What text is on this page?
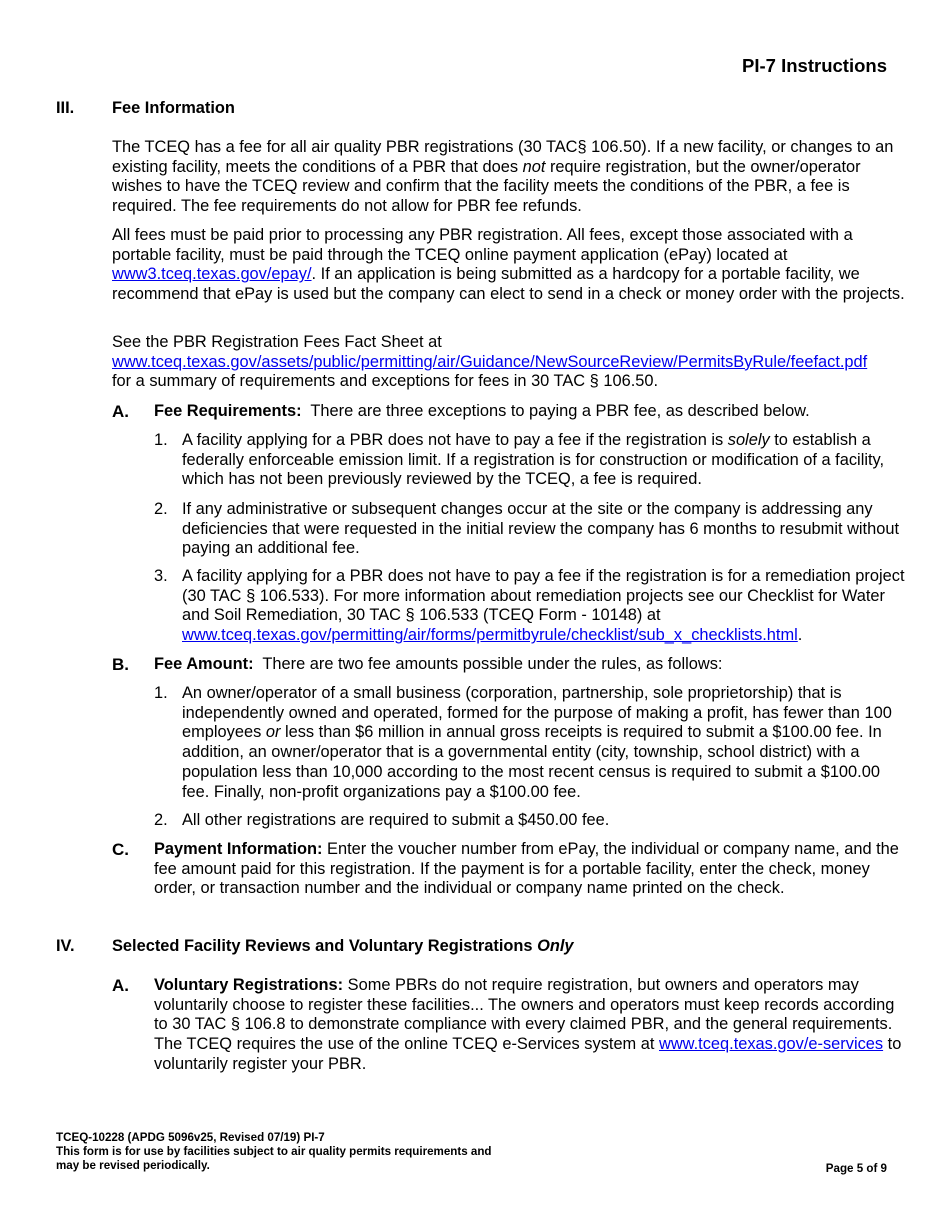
PI-7 Instructions
III. Fee Information

The TCEQ has a fee for all air quality PBR registrations (30 TAC§ 106.50). If a new facility, or changes to an existing facility, meets the conditions of a PBR that does not require registration, but the owner/operator wishes to have the TCEQ review and confirm that the facility meets the conditions of the PBR, a fee is required. The fee requirements do not allow for PBR fee refunds.

All fees must be paid prior to processing any PBR registration. All fees, except those associated with a portable facility, must be paid through the TCEQ online payment application (ePay) located at www3.tceq.texas.gov/epay/. If an application is being submitted as a hardcopy for a portable facility, we recommend that ePay is used but the company can elect to send in a check or money order with the projects.

See the PBR Registration Fees Fact Sheet at
www.tceq.texas.gov/assets/public/permitting/air/Guidance/NewSourceReview/PermitsByRule/feefact.pdf
for a summary of requirements and exceptions for fees in 30 TAC § 106.50.

A. Fee Requirements:  There are three exceptions to paying a PBR fee, as described below.

1. A facility applying for a PBR does not have to pay a fee if the registration is solely to establish a federally enforceable emission limit. If a registration is for construction or modification of a facility, which has not been previously reviewed by the TCEQ, a fee is required.

2. If any administrative or subsequent changes occur at the site or the company is addressing any deficiencies that were requested in the initial review the company has 6 months to resubmit without paying an additional fee.

3. A facility applying for a PBR does not have to pay a fee if the registration is for a remediation project (30 TAC § 106.533). For more information about remediation projects see our Checklist for Water and Soil Remediation, 30 TAC § 106.533 (TCEQ Form - 10148) at www.tceq.texas.gov/permitting/air/forms/permitbyrule/checklist/sub_x_checklists.html.

B. Fee Amount:  There are two fee amounts possible under the rules, as follows:

1. An owner/operator of a small business (corporation, partnership, sole proprietorship) that is independently owned and operated, formed for the purpose of making a profit, has fewer than 100 employees or less than $6 million in annual gross receipts is required to submit a $100.00 fee. In addition, an owner/operator that is a governmental entity (city, township, school district) with a population less than 10,000 according to the most recent census is required to submit a $100.00 fee. Finally, non-profit organizations pay a $100.00 fee.

2. All other registrations are required to submit a $450.00 fee.

C. Payment Information: Enter the voucher number from ePay, the individual or company name, and the fee amount paid for this registration. If the payment is for a portable facility, enter the check, money order, or transaction number and the individual or company name printed on the check.

IV. Selected Facility Reviews and Voluntary Registrations Only
A. Voluntary Registrations: Some PBRs do not require registration, but owners and operators may voluntarily choose to register these facilities... The owners and operators must keep records according to 30 TAC § 106.8 to demonstrate compliance with every claimed PBR, and the general requirements. The TCEQ requires the use of the online TCEQ e-Services system at www.tceq.texas.gov/e-services to voluntarily register your PBR.

TCEQ-10228 (APDG 5096v25, Revised 07/19) PI-7
This form is for use by facilities subject to air quality permits requirements and
may be revised periodically.	Page 5 of 9
